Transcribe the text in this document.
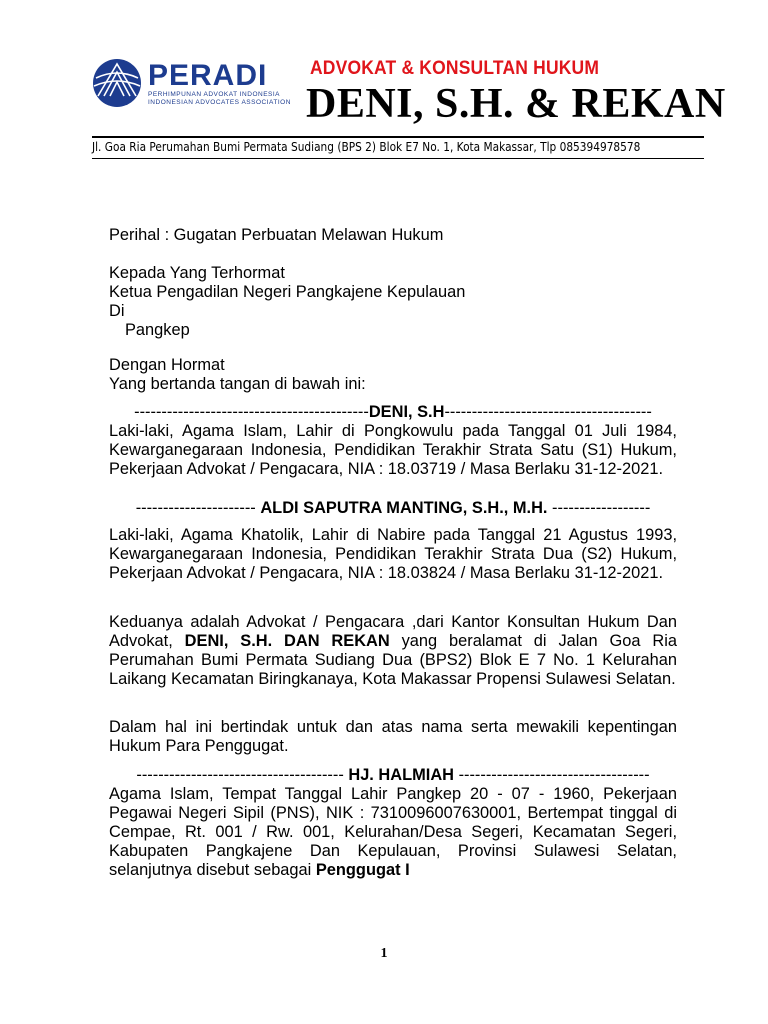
PERADI
PERHIMPUNAN ADVOKAT INDONESIA
INDONESIAN ADVOCATES ASSOCIATION
ADVOKAT & KONSULTAN HUKUM
DENI, S.H. & REKAN
Jl. Goa Ria Perumahan Bumi Permata Sudiang (BPS 2) Blok E7 No. 1, Kota Makassar, Tlp 085394978578
Perihal : Gugatan Perbuatan Melawan Hukum
Kepada Yang Terhormat
Ketua Pengadilan Negeri Pangkajene Kepulauan
Di
Pangkep
Dengan Hormat
Yang bertanda tangan di bawah ini:
-------------------------------------------DENI, S.H--------------------------------------
Laki-laki, Agama Islam, Lahir di Pongkowulu pada Tanggal 01 Juli 1984, Kewarganegaraan Indonesia, Pendidikan Terakhir Strata Satu (S1) Hukum, Pekerjaan Advokat / Pengacara, NIA : 18.03719 / Masa Berlaku 31-12-2021.
---------------------- ALDI SAPUTRA MANTING, S.H., M.H. ------------------
Laki-laki, Agama Khatolik, Lahir di Nabire pada Tanggal 21 Agustus 1993, Kewarganegaraan Indonesia, Pendidikan Terakhir Strata Dua (S2) Hukum, Pekerjaan Advokat / Pengacara, NIA : 18.03824 / Masa Berlaku 31-12-2021.
Keduanya adalah Advokat / Pengacara ,dari Kantor Konsultan Hukum Dan Advokat, DENI, S.H. DAN REKAN yang beralamat di Jalan Goa Ria Perumahan Bumi Permata Sudiang Dua (BPS2) Blok E 7 No. 1 Kelurahan Laikang Kecamatan Biringkanaya, Kota Makassar Propensi Sulawesi Selatan.
Dalam hal ini bertindak untuk dan atas nama serta mewakili kepentingan Hukum Para Penggugat.
-------------------------------------- HJ. HALMIAH -----------------------------------
Agama Islam, Tempat Tanggal Lahir Pangkep 20 - 07 - 1960, Pekerjaan Pegawai Negeri Sipil (PNS), NIK : 7310096007630001, Bertempat tinggal di Cempae, Rt. 001 / Rw. 001, Kelurahan/Desa Segeri, Kecamatan Segeri, Kabupaten Pangkajene Dan Kepulauan, Provinsi Sulawesi Selatan, selanjutnya disebut sebagai Penggugat I
1
